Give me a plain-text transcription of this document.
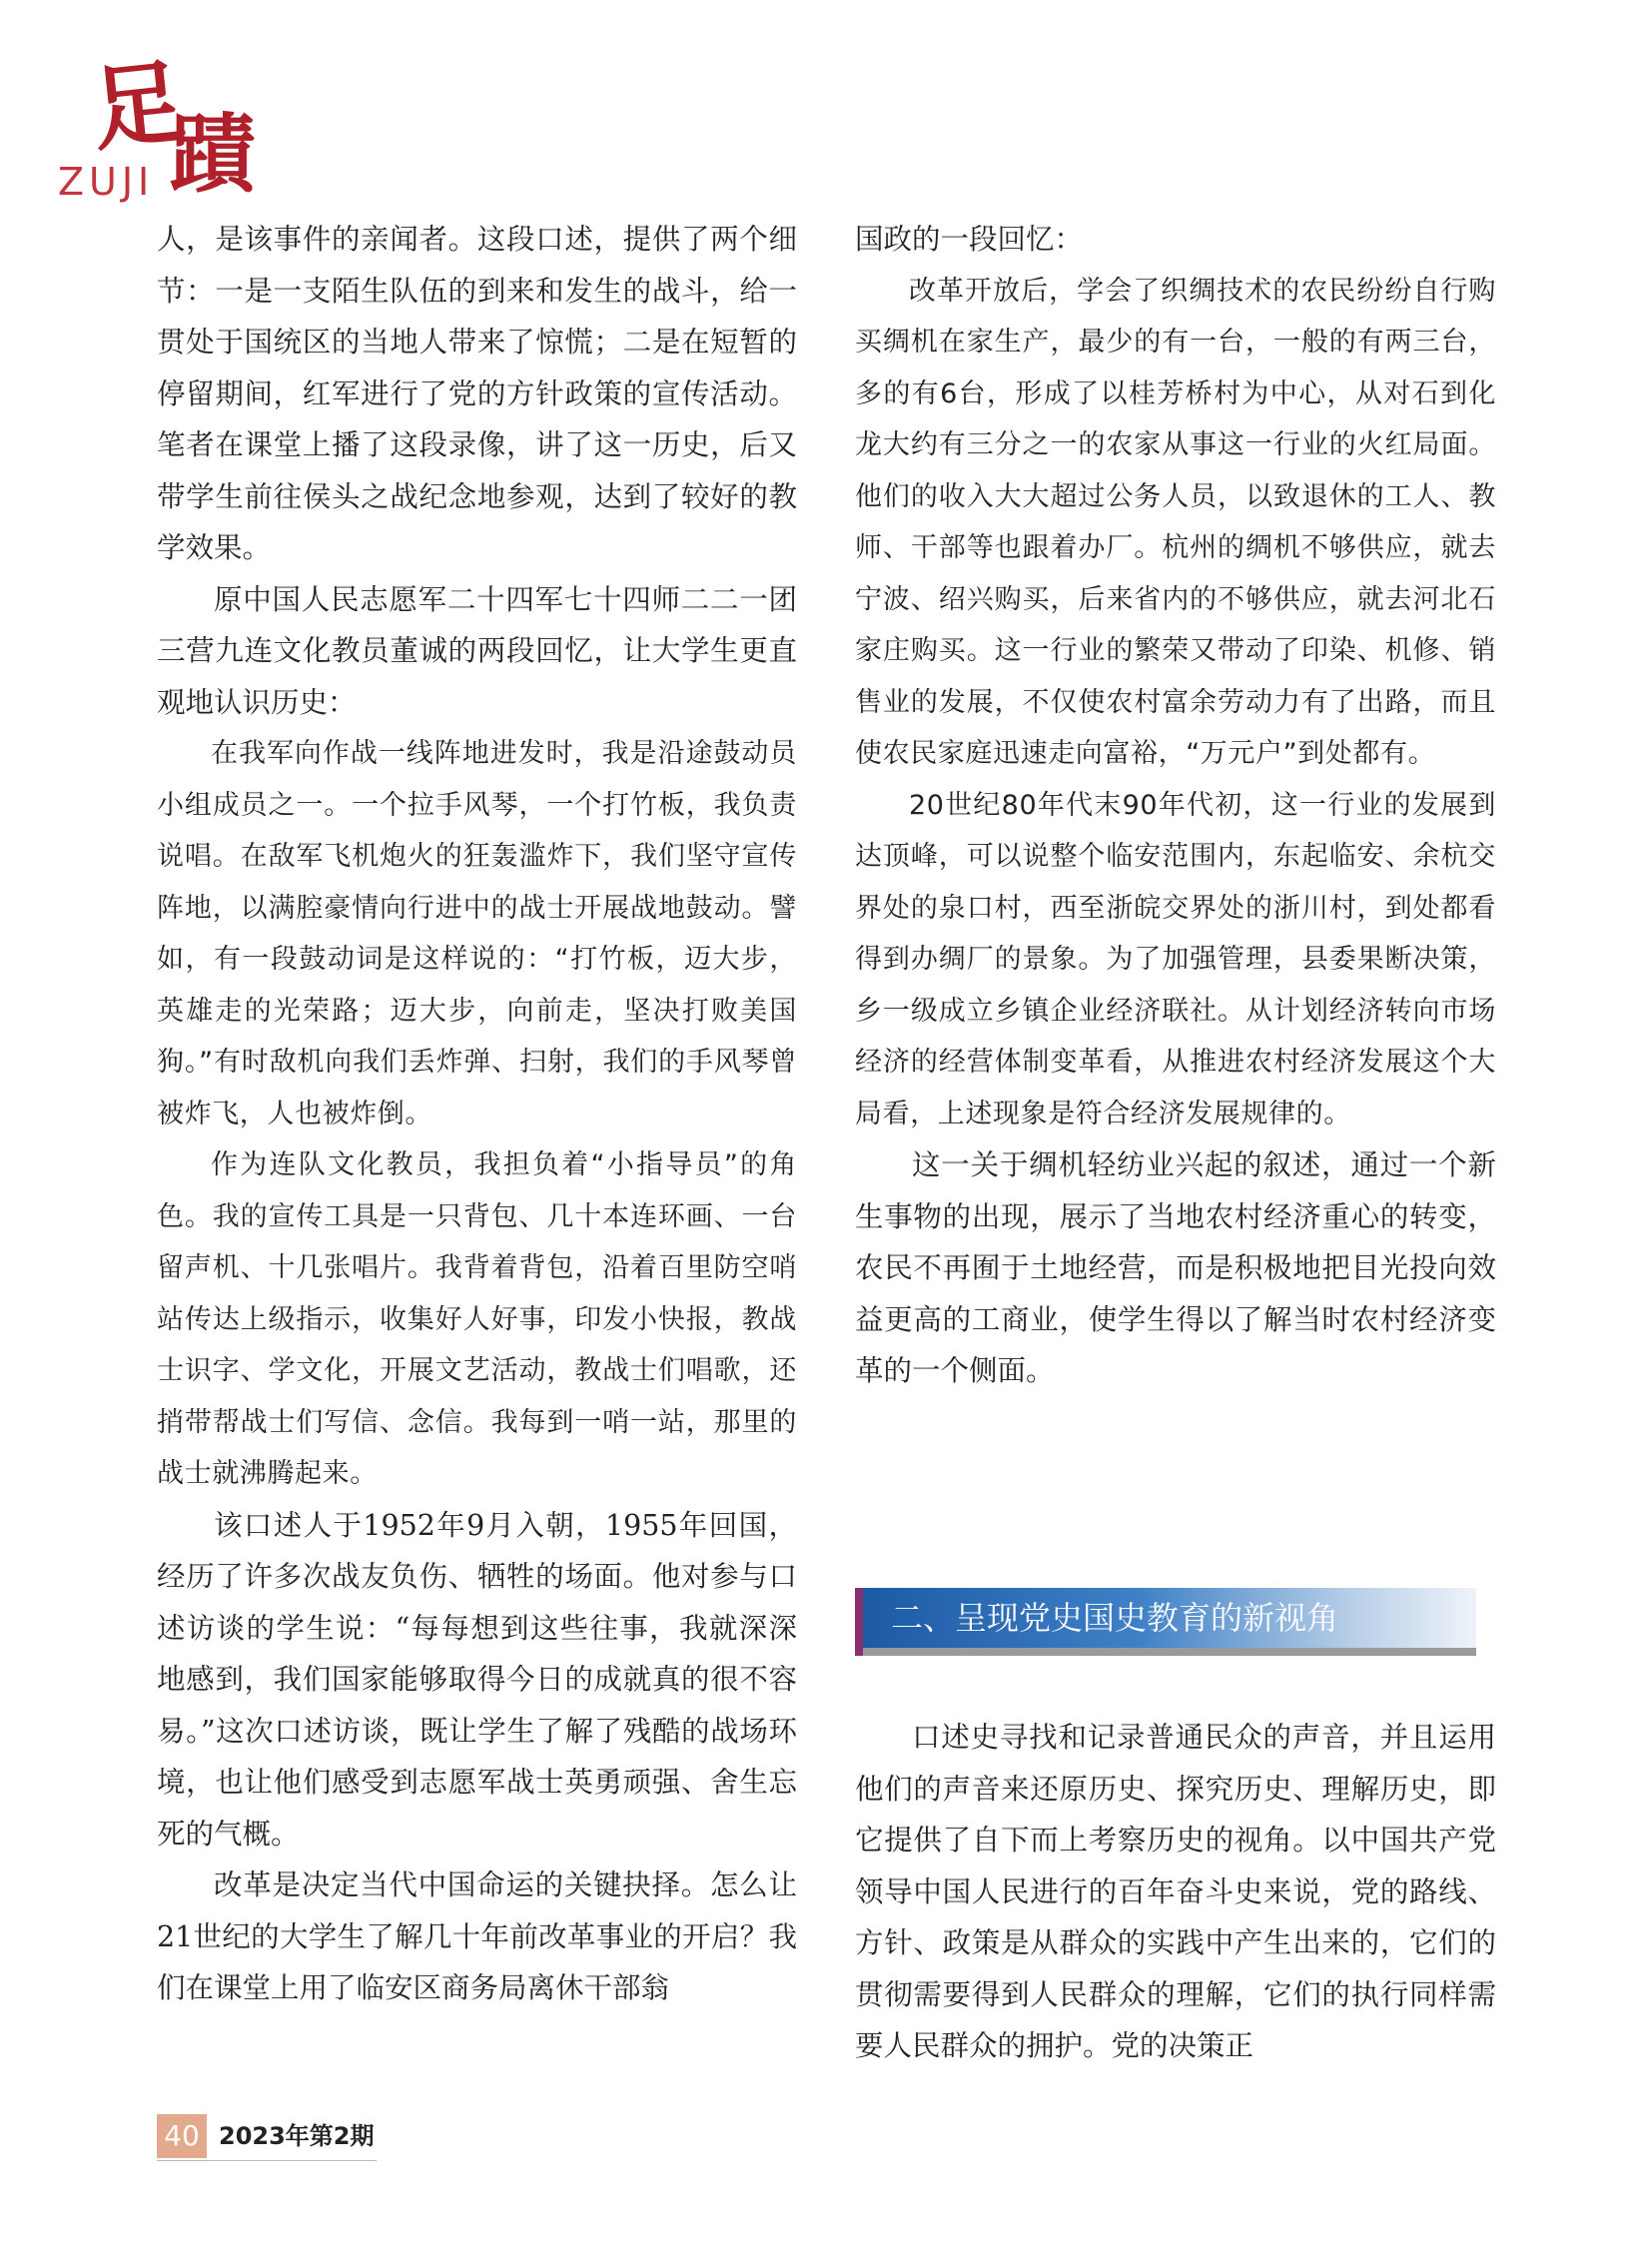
足
蹟
ZUJI

人，是该事件的亲闻者。这段口述，提供了两个细节：一是一支陌生队伍的到来和发生的战斗，给一贯处于国统区的当地人带来了惊慌；二是在短暂的停留期间，红军进行了党的方针政策的宣传活动。笔者在课堂上播了这段录像，讲了这一历史，后又带学生前往侯头之战纪念地参观，达到了较好的教学效果。

原中国人民志愿军二十四军七十四师二二一团三营九连文化教员董诚的两段回忆，让大学生更直观地认识历史：

在我军向作战一线阵地进发时，我是沿途鼓动员小组成员之一。一个拉手风琴，一个打竹板，我负责说唱。在敌军飞机炮火的狂轰滥炸下，我们坚守宣传阵地，以满腔豪情向行进中的战士开展战地鼓动。譬如，有一段鼓动词是这样说的：“打竹板，迈大步，英雄走的光荣路；迈大步，向前走，坚决打败美国狗。”有时敌机向我们丢炸弹、扫射，我们的手风琴曾被炸飞，人也被炸倒。

作为连队文化教员，我担负着“小指导员”的角色。我的宣传工具是一只背包、几十本连环画、一台留声机、十几张唱片。我背着背包，沿着百里防空哨站传达上级指示，收集好人好事，印发小快报，教战士识字、学文化，开展文艺活动，教战士们唱歌，还捎带帮战士们写信、念信。我每到一哨一站，那里的战士就沸腾起来。

该口述人于1952年9月入朝，1955年回国，经历了许多次战友负伤、牺牲的场面。他对参与口述访谈的学生说：“每每想到这些往事，我就深深地感到，我们国家能够取得今日的成就真的很不容易。”这次口述访谈，既让学生了解了残酷的战场环境，也让他们感受到志愿军战士英勇顽强、舍生忘死的气概。

改革是决定当代中国命运的关键抉择。怎么让21世纪的大学生了解几十年前改革事业的开启？我们在课堂上用了临安区商务局离休干部翁

国政的一段回忆：

改革开放后，学会了织绸技术的农民纷纷自行购买绸机在家生产，最少的有一台，一般的有两三台，多的有6台，形成了以桂芳桥村为中心，从对石到化龙大约有三分之一的农家从事这一行业的火红局面。他们的收入大大超过公务人员，以致退休的工人、教师、干部等也跟着办厂。杭州的绸机不够供应，就去宁波、绍兴购买，后来省内的不够供应，就去河北石家庄购买。这一行业的繁荣又带动了印染、机修、销售业的发展，不仅使农村富余劳动力有了出路，而且使农民家庭迅速走向富裕，“万元户”到处都有。

20世纪80年代末90年代初，这一行业的发展到达顶峰，可以说整个临安范围内，东起临安、余杭交界处的泉口村，西至浙皖交界处的浙川村，到处都看得到办绸厂的景象。为了加强管理，县委果断决策，乡一级成立乡镇企业经济联社。从计划经济转向市场经济的经营体制变革看，从推进农村经济发展这个大局看，上述现象是符合经济发展规律的。

这一关于绸机轻纺业兴起的叙述，通过一个新生事物的出现，展示了当地农村经济重心的转变，农民不再囿于土地经营，而是积极地把目光投向效益更高的工商业，使学生得以了解当时农村经济变革的一个侧面。

二、呈现党史国史教育的新视角

口述史寻找和记录普通民众的声音，并且运用他们的声音来还原历史、探究历史、理解历史，即它提供了自下而上考察历史的视角。以中国共产党领导中国人民进行的百年奋斗史来说，党的路线、方针、政策是从群众的实践中产生出来的，它们的贯彻需要得到人民群众的理解，它们的执行同样需要人民群众的拥护。党的决策正

40 2023年第2期
